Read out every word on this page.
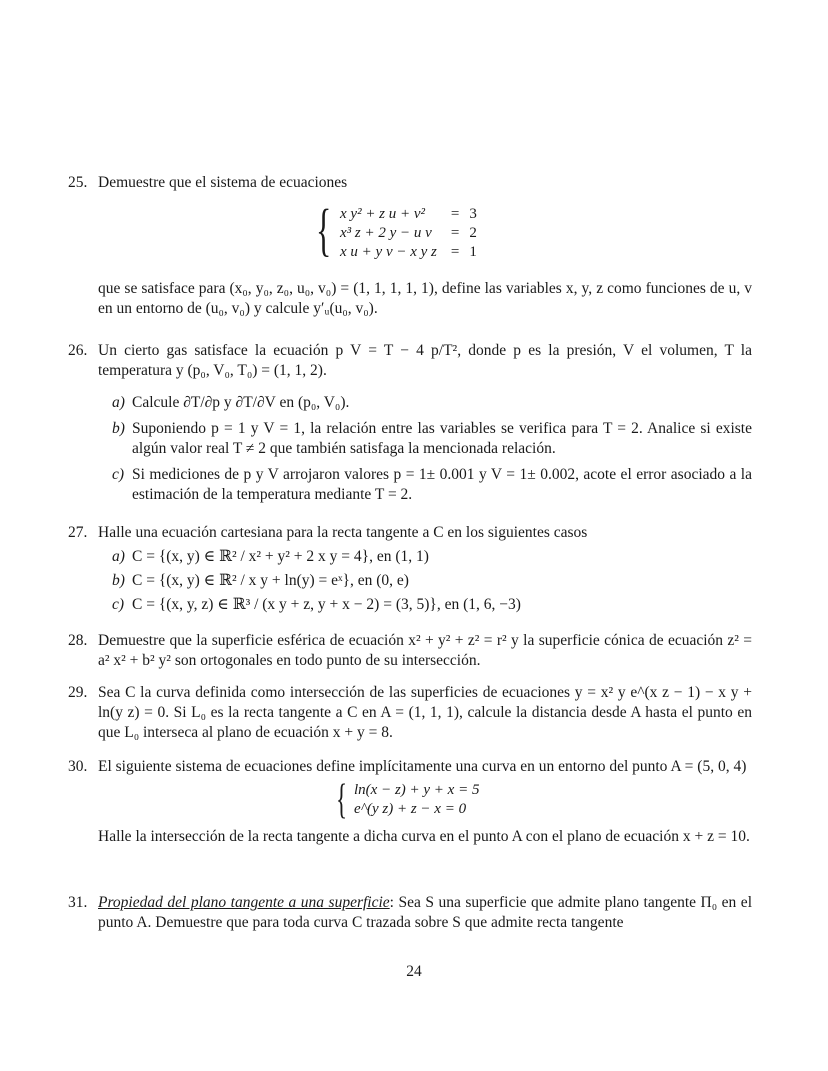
25. Demuestre que el sistema de ecuaciones

{ x y² + z u + v²	=	3
x³ z + 2 y − u v	=	2
x u + y v − x y z	=	1

que se satisface para (x₀, y₀, z₀, u₀, v₀) = (1, 1, 1, 1, 1), define las variables x, y, z como funciones de u, v en un entorno de (u₀, v₀) y calcule y′ᵤ(u₀, v₀).

26. Un cierto gas satisface la ecuación p V = T − 4 p/T², donde p es la presión, V el volumen, T la temperatura y (p₀, V₀, T₀) = (1, 1, 2).

a) Calcule ∂T/∂p y ∂T/∂V en (p₀, V₀).

b) Suponiendo p = 1 y V = 1, la relación entre las variables se verifica para T = 2. Analice si existe algún valor real T ≠ 2 que también satisfaga la mencionada relación.

c) Si mediciones de p y V arrojaron valores p = 1± 0.001 y V = 1± 0.002, acote el error asociado a la estimación de la temperatura mediante T = 2.

27. Halle una ecuación cartesiana para la recta tangente a C en los siguientes casos

a) C = {(x, y) ∈ ℝ² / x² + y² + 2 x y = 4}, en (1, 1)

b) C = {(x, y) ∈ ℝ² / x y + ln(y) = eˣ}, en (0, e)

c) C = {(x, y, z) ∈ ℝ³ / (x y + z, y + x − 2) = (3, 5)}, en (1, 6, −3)

28. Demuestre que la superficie esférica de ecuación x² + y² + z² = r² y la superficie cónica de ecuación z² = a² x² + b² y² son ortogonales en todo punto de su intersección.

29. Sea C la curva definida como intersección de las superficies de ecuaciones y = x² y e^(x z − 1) − x y + ln(y z) = 0. Si L₀ es la recta tangente a C en A = (1, 1, 1), calcule la distancia desde A hasta el punto en que L₀ interseca al plano de ecuación x + y = 8.

30. El siguiente sistema de ecuaciones define implícitamente una curva en un entorno del punto A = (5, 0, 4)

{ ln(x − z) + y + x = 5
e^(y z) + z − x = 0

Halle la intersección de la recta tangente a dicha curva en el punto A con el plano de ecuación x + z = 10.

31. Propiedad del plano tangente a una superficie: Sea S una superficie que admite plano tangente Π₀ en el punto A. Demuestre que para toda curva C trazada sobre S que admite recta tangente

24
